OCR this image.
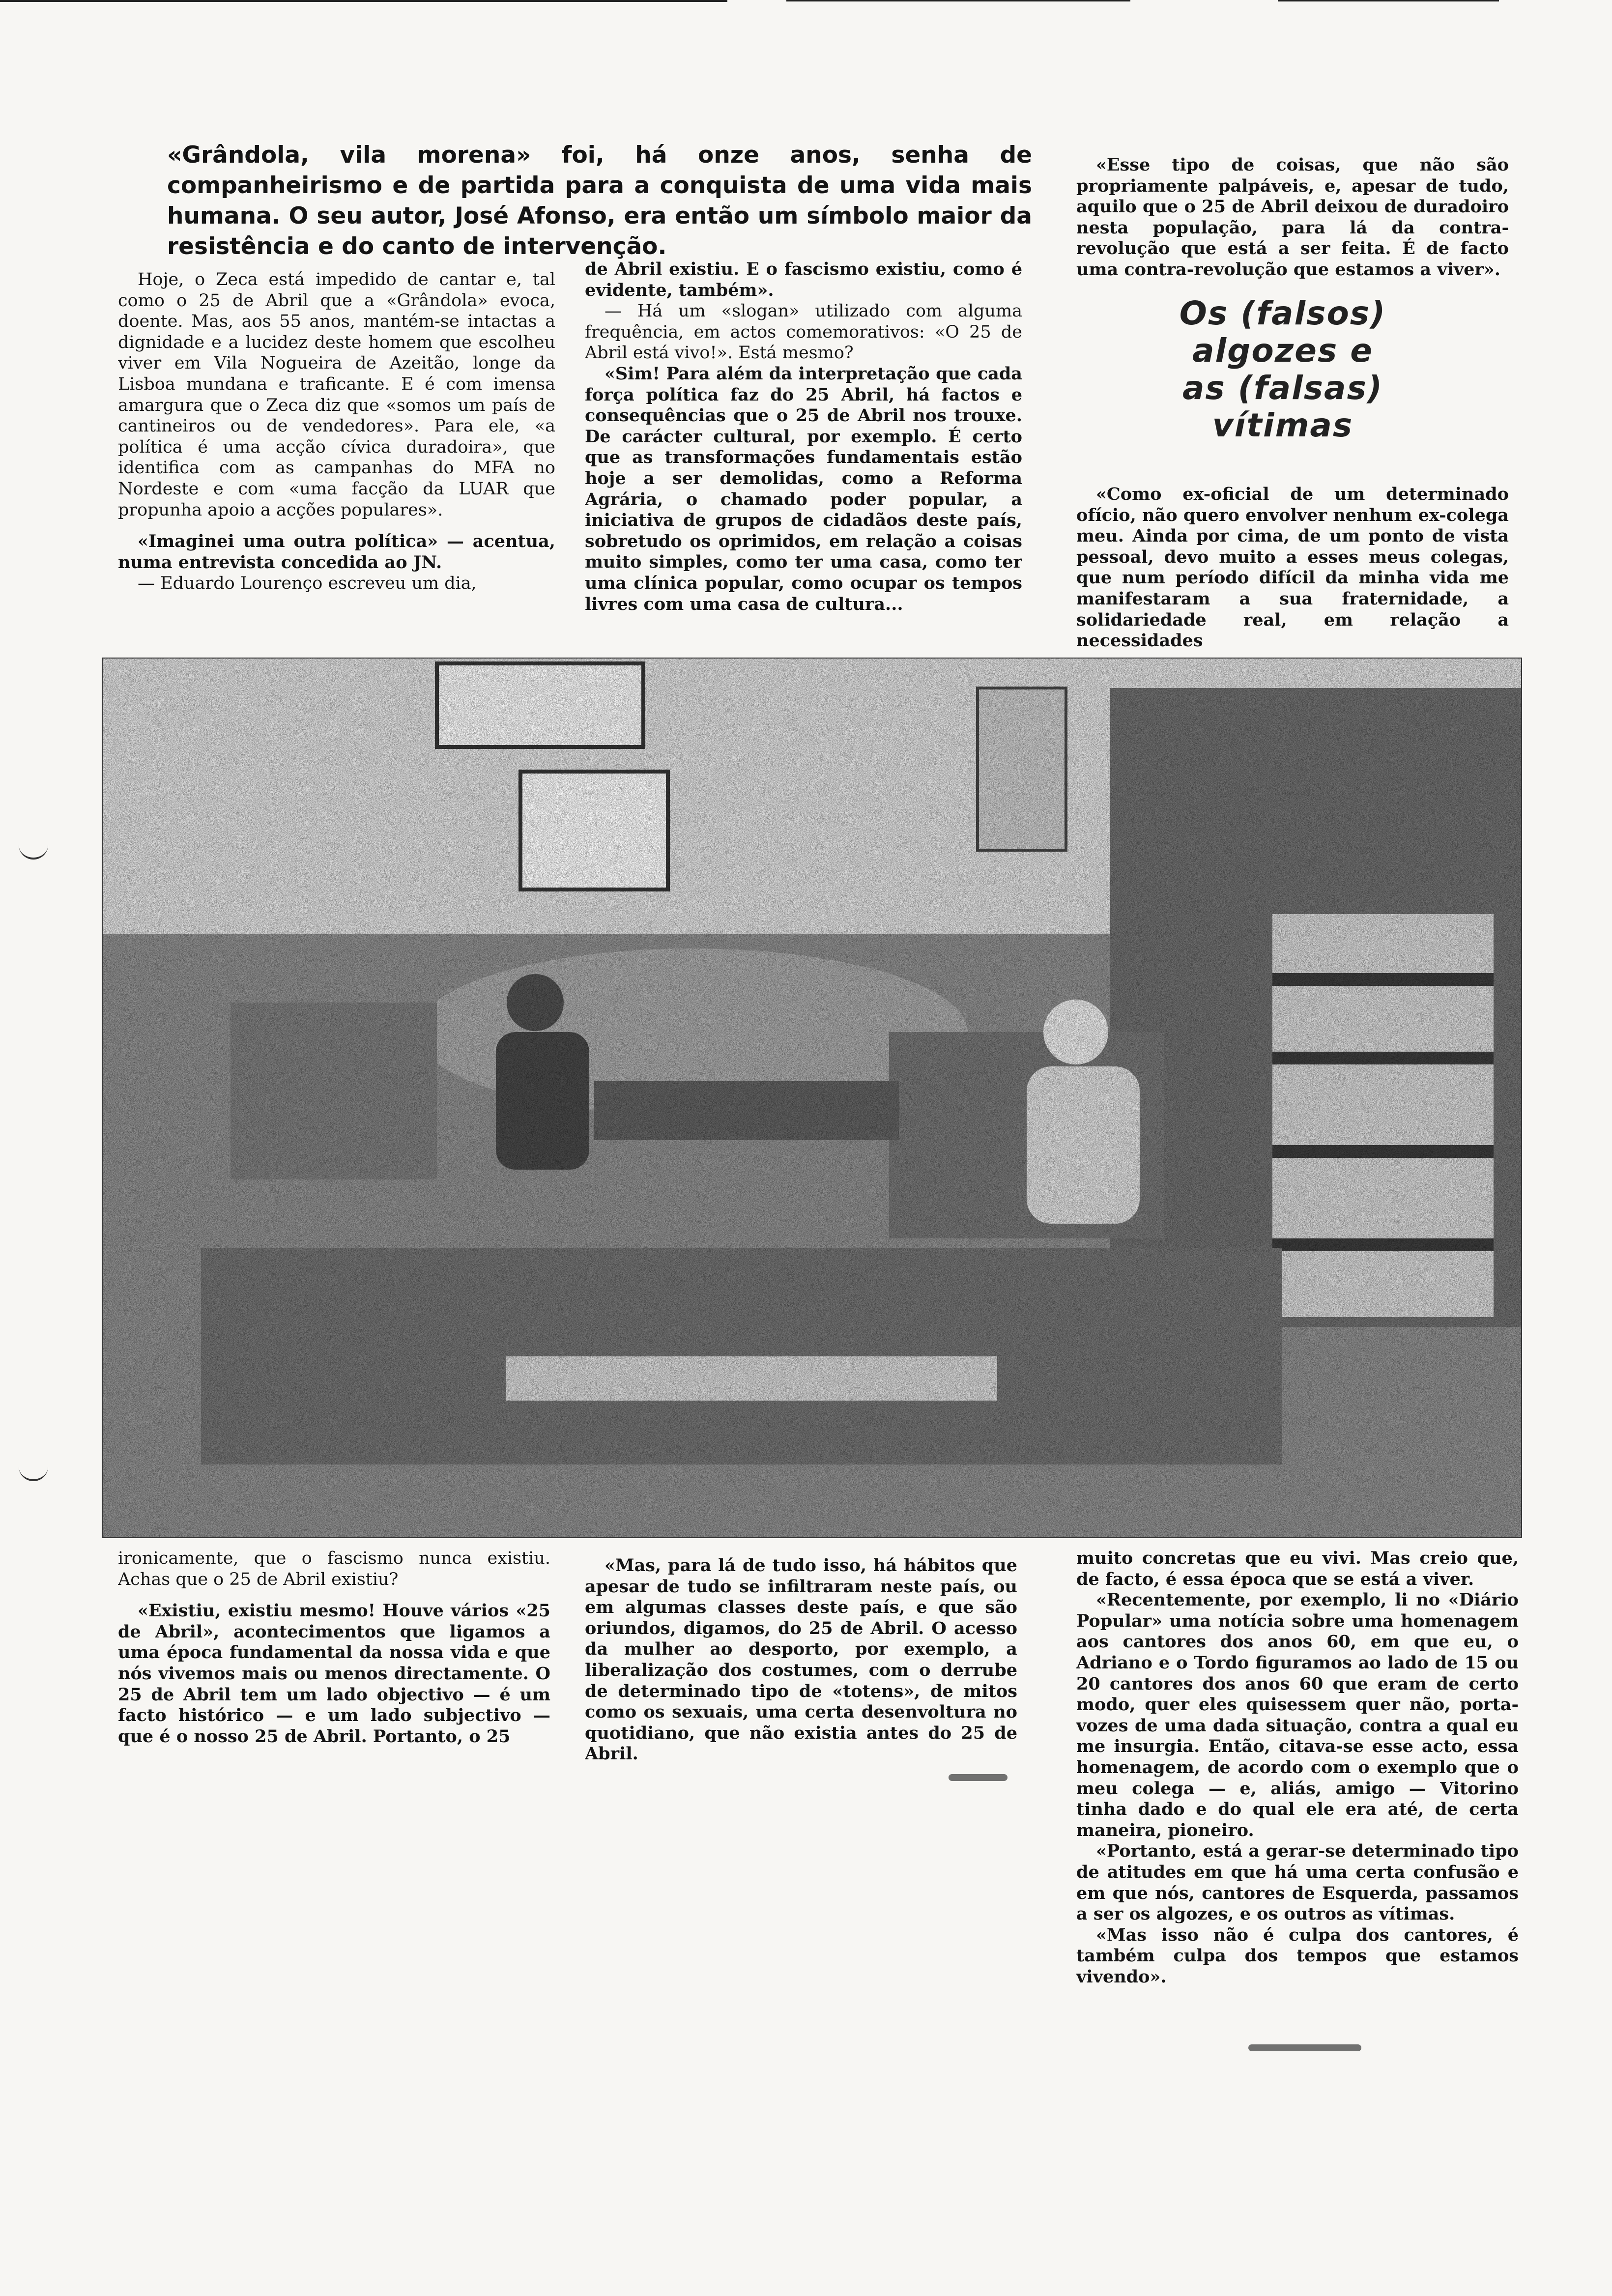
«Grândola, vila morena» foi, há onze anos, senha de companheirismo e de partida para a conquista de uma vida mais humana. O seu autor, José Afonso, era então um símbolo maior da resistência e do canto de intervenção.

Hoje, o Zeca está impedido de cantar e, tal como o 25 de Abril que a «Grândola» evoca, doente. Mas, aos 55 anos, mantém-se intactas a dignidade e a lucidez deste homem que escolheu viver em Vila Nogueira de Azeitão, longe da Lisboa mundana e traficante. E é com imensa amargura que o Zeca diz que «somos um país de cantineiros ou de vendedores». Para ele, «a política é uma acção cívica duradoira», que identifica com as campanhas do MFA no Nordeste e com «uma facção da LUAR que propunha apoio a acções populares».

«Imaginei uma outra política» — acentua, numa entrevista concedida ao JN.

— Eduardo Lourenço escreveu um dia,

de Abril existiu. E o fascismo existiu, como é evidente, também».

— Há um «slogan» utilizado com alguma frequência, em actos comemorativos: «O 25 de Abril está vivo!». Está mesmo?

«Sim! Para além da interpretação que cada força política faz do 25 Abril, há factos e consequências que o 25 de Abril nos trouxe. De carácter cultural, por exemplo. É certo que as transformações fundamentais estão hoje a ser demolidas, como a Reforma Agrária, o chamado poder popular, a iniciativa de grupos de cidadãos deste país, sobretudo os oprimidos, em relação a coisas muito simples, como ter uma casa, como ter uma clínica popular, como ocupar os tempos livres com uma casa de cultura...

«Esse tipo de coisas, que não são propriamente palpáveis, e, apesar de tudo, aquilo que o 25 de Abril deixou de duradoiro nesta população, para lá da contra-revolução que está a ser feita. É de facto uma contra-revolução que estamos a viver».

Os (falsos) algozes e as (falsas) vítimas

«Como ex-oficial de um determinado ofício, não quero envolver nenhum ex-colega meu. Ainda por cima, de um ponto de vista pessoal, devo muito a esses meus colegas, que num período difícil da minha vida me manifestaram a sua fraternidade, a solidariedade real, em relação a necessidades

ironicamente, que o fascismo nunca existiu. Achas que o 25 de Abril existiu?

«Existiu, existiu mesmo! Houve vários «25 de Abril», acontecimentos que ligamos a uma época fundamental da nossa vida e que nós vivemos mais ou menos directamente. O 25 de Abril tem um lado objectivo — é um facto histórico — e um lado subjectivo — que é o nosso 25 de Abril. Portanto, o 25

«Mas, para lá de tudo isso, há hábitos que apesar de tudo se infiltraram neste país, ou em algumas classes deste país, e que são oriundos, digamos, do 25 de Abril. O acesso da mulher ao desporto, por exemplo, a liberalização dos costumes, com o derrube de determinado tipo de «totens», de mitos como os sexuais, uma certa desenvoltura no quotidiano, que não existia antes do 25 de Abril.

muito concretas que eu vivi. Mas creio que, de facto, é essa época que se está a viver.

«Recentemente, por exemplo, li no «Diário Popular» uma notícia sobre uma homenagem aos cantores dos anos 60, em que eu, o Adriano e o Tordo figuramos ao lado de 15 ou 20 cantores dos anos 60 que eram de certo modo, quer eles quisessem quer não, porta-vozes de uma dada situação, contra a qual eu me insurgia. Então, citava-se esse acto, essa homenagem, de acordo com o exemplo que o meu colega — e, aliás, amigo — Vitorino tinha dado e do qual ele era até, de certa maneira, pioneiro.

«Portanto, está a gerar-se determinado tipo de atitudes em que há uma certa confusão e em que nós, cantores de Esquerda, passamos a ser os algozes, e os outros as vítimas.

«Mas isso não é culpa dos cantores, é também culpa dos tempos que estamos vivendo».
